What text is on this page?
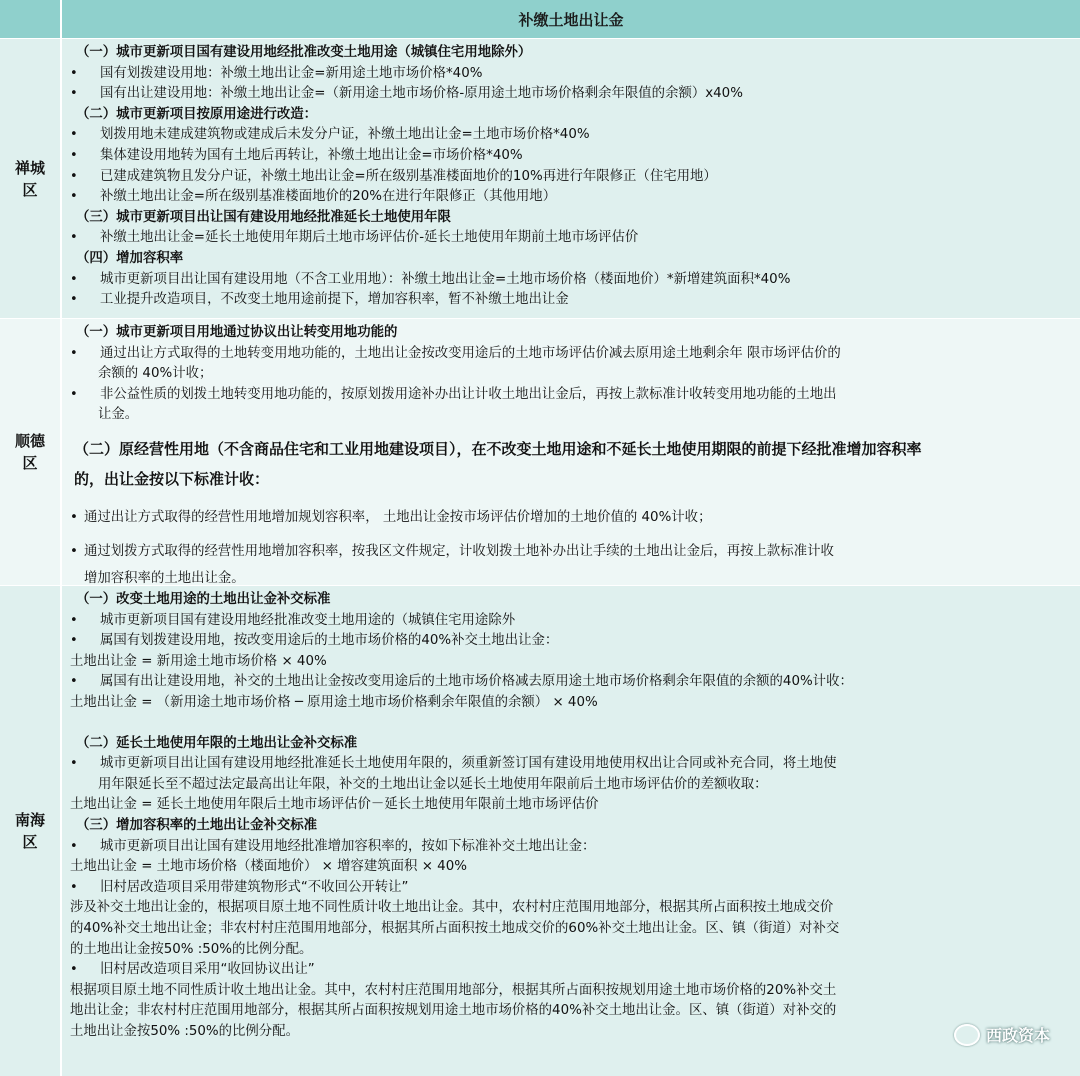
补缴土地出让金
禅城
区
（一）城市更新项目国有建设用地经批准改变土地用途（城镇住宅用地除外）
• 国有划拨建设用地：补缴土地出让金=新用途土地市场价格*40%
• 国有出让建设用地：补缴土地出让金=（新用途土地市场价格-原用途土地市场价格剩余年限值的余额）x40%
（二）城市更新项目按原用途进行改造：
• 划拨用地未建成建筑物或建成后未发分户证，补缴土地出让金=土地市场价格*40%
• 集体建设用地转为国有土地后再转让，补缴土地出让金=市场价格*40%
• 已建成建筑物且发分户证，补缴土地出让金=所在级别基准楼面地价的10%再进行年限修正（住宅用地）
• 补缴土地出让金=所在级别基准楼面地价的20%在进行年限修正（其他用地）
（三）城市更新项目出让国有建设用地经批准延长土地使用年限
• 补缴土地出让金=延长土地使用年期后土地市场评估价-延长土地使用年期前土地市场评估价
（四）增加容积率
• 城市更新项目出让国有建设用地（不含工业用地）：补缴土地出让金=土地市场价格（楼面地价）*新增建筑面积*40%
• 工业提升改造项目，不改变土地用途前提下，增加容积率，暂不补缴土地出让金
顺德
区
（一）城市更新项目用地通过协议出让转变用地功能的
• 通过出让方式取得的土地转变用地功能的，土地出让金按改变用途后的土地市场评估价减去原用途土地剩余年 限市场评估价的
余额的 40%计收；
• 非公益性质的划拨土地转变用地功能的，按原划拨用途补办出让计收土地出让金后，再按上款标准计收转变用地功能的土地出
让金。
（二）原经营性用地（不含商品住宅和工业用地建设项目），在不改变土地用途和不延长土地使用期限的前提下经批准增加容积率
的，出让金按以下标准计收：
• 通过出让方式取得的经营性用地增加规划容积率， 土地出让金按市场评估价增加的土地价值的 40%计收；
• 通过划拨方式取得的经营性用地增加容积率，按我区文件规定，计收划拨土地补办出让手续的土地出让金后，再按上款标准计收
增加容积率的土地出让金。
南海
区
（一）改变土地用途的土地出让金补交标准
• 城市更新项目国有建设用地经批准改变土地用途的（城镇住宅用途除外
• 属国有划拨建设用地，按改变用途后的土地市场价格的40%补交土地出让金：
土地出让金 = 新用途土地市场价格 × 40%
• 属国有出让建设用地，补交的土地出让金按改变用途后的土地市场价格减去原用途土地市场价格剩余年限值的余额的40%计收：
土地出让金 = （新用途土地市场价格 ─ 原用途土地市场价格剩余年限值的余额） × 40%
（二）延长土地使用年限的土地出让金补交标准
• 城市更新项目出让国有建设用地经批准延长土地使用年限的，须重新签订国有建设用地使用权出让合同或补充合同，将土地使
用年限延长至不超过法定最高出让年限，补交的土地出让金以延长土地使用年限前后土地市场评估价的差额收取：
土地出让金 = 延长土地使用年限后土地市场评估价－延长土地使用年限前土地市场评估价
（三）增加容积率的土地出让金补交标准
• 城市更新项目出让国有建设用地经批准增加容积率的，按如下标准补交土地出让金：
土地出让金 = 土地市场价格（楼面地价） × 增容建筑面积 × 40%
• 旧村居改造项目采用带建筑物形式“不收回公开转让”
涉及补交土地出让金的，根据项目原土地不同性质计收土地出让金。其中，农村村庄范围用地部分，根据其所占面积按土地成交价
的40%补交土地出让金；非农村村庄范围用地部分，根据其所占面积按土地成交价的60%补交土地出让金。区、镇（街道）对补交
的土地出让金按50% :50%的比例分配。
• 旧村居改造项目采用“收回协议出让”
根据项目原土地不同性质计收土地出让金。其中，农村村庄范围用地部分，根据其所占面积按规划用途土地市场价格的20%补交土
地出让金；非农村村庄范围用地部分，根据其所占面积按规划用途土地市场价格的40%补交土地出让金。区、镇（街道）对补交的
土地出让金按50% :50%的比例分配。	西政资本
